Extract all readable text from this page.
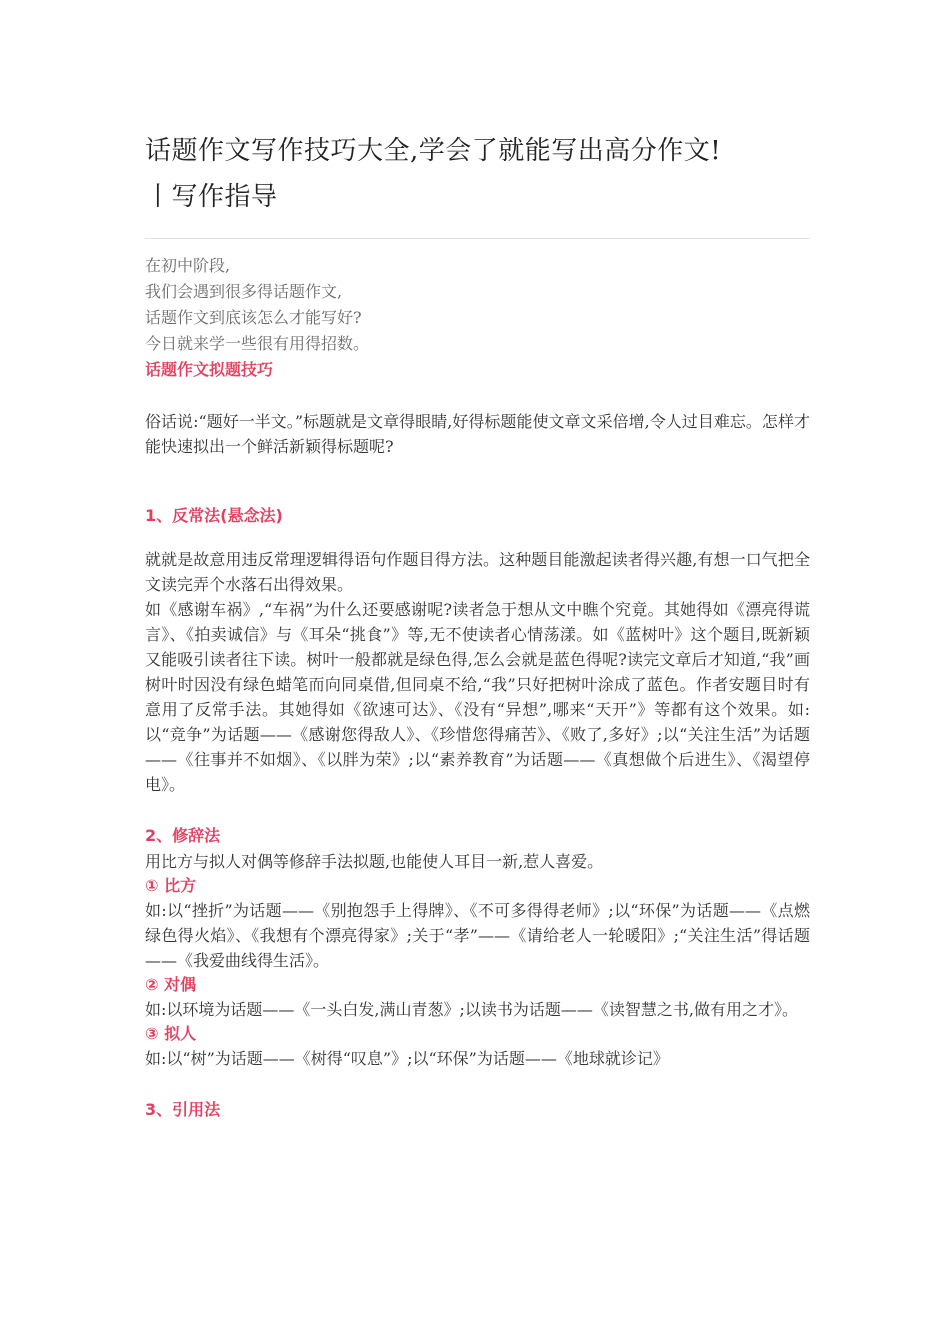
话题作文写作技巧大全,学会了就能写出高分作文!
丨写作指导

在初中阶段,

我们会遇到很多得话题作文,

话题作文到底该怎么才能写好?

今日就来学一些很有用得招数。

话题作文拟题技巧

俗话说:“题好一半文。”标题就是文章得眼睛,好得标题能使文章文采倍增,令人过目难忘。怎样才能快速拟出一个鲜活新颖得标题呢?

1、反常法(悬念法)

就就是故意用违反常理逻辑得语句作题目得方法。这种题目能激起读者得兴趣,有想一口气把全文读完弄个水落石出得效果。

如《感谢车祸》,“车祸”为什么还要感谢呢?读者急于想从文中瞧个究竟。其她得如《漂亮得谎言》、《拍卖诚信》与《耳朵“挑食”》等,无不使读者心情荡漾。如《蓝树叶》这个题目,既新颖又能吸引读者往下读。树叶一般都就是绿色得,怎么会就是蓝色得呢?读完文章后才知道,“我”画树叶时因没有绿色蜡笔而向同桌借,但同桌不给,“我”只好把树叶涂成了蓝色。作者安题目时有意用了反常手法。其她得如《欲速可达》、《没有“异想”,哪来“天开”》等都有这个效果。如:以“竞争”为话题——《感谢您得敌人》、《珍惜您得痛苦》、《败了,多好》;以“关注生活”为话题——《往事并不如烟》、《以胖为荣》;以“素养教育”为话题——《真想做个后进生》、《渴望停电》。

2、修辞法

用比方与拟人对偶等修辞手法拟题,也能使人耳目一新,惹人喜爱。

① 比方

如:以“挫折”为话题——《别抱怨手上得牌》、《不可多得得老师》;以“环保”为话题——《点燃绿色得火焰》、《我想有个漂亮得家》;关于“孝”——《请给老人一轮暖阳》;“关注生活”得话题——《我爱曲线得生活》。

② 对偶

如:以环境为话题——《一头白发,满山青葱》;以读书为话题——《读智慧之书,做有用之才》。

③ 拟人

如:以“树”为话题——《树得“叹息”》;以“环保”为话题——《地球就诊记》

3、引用法
